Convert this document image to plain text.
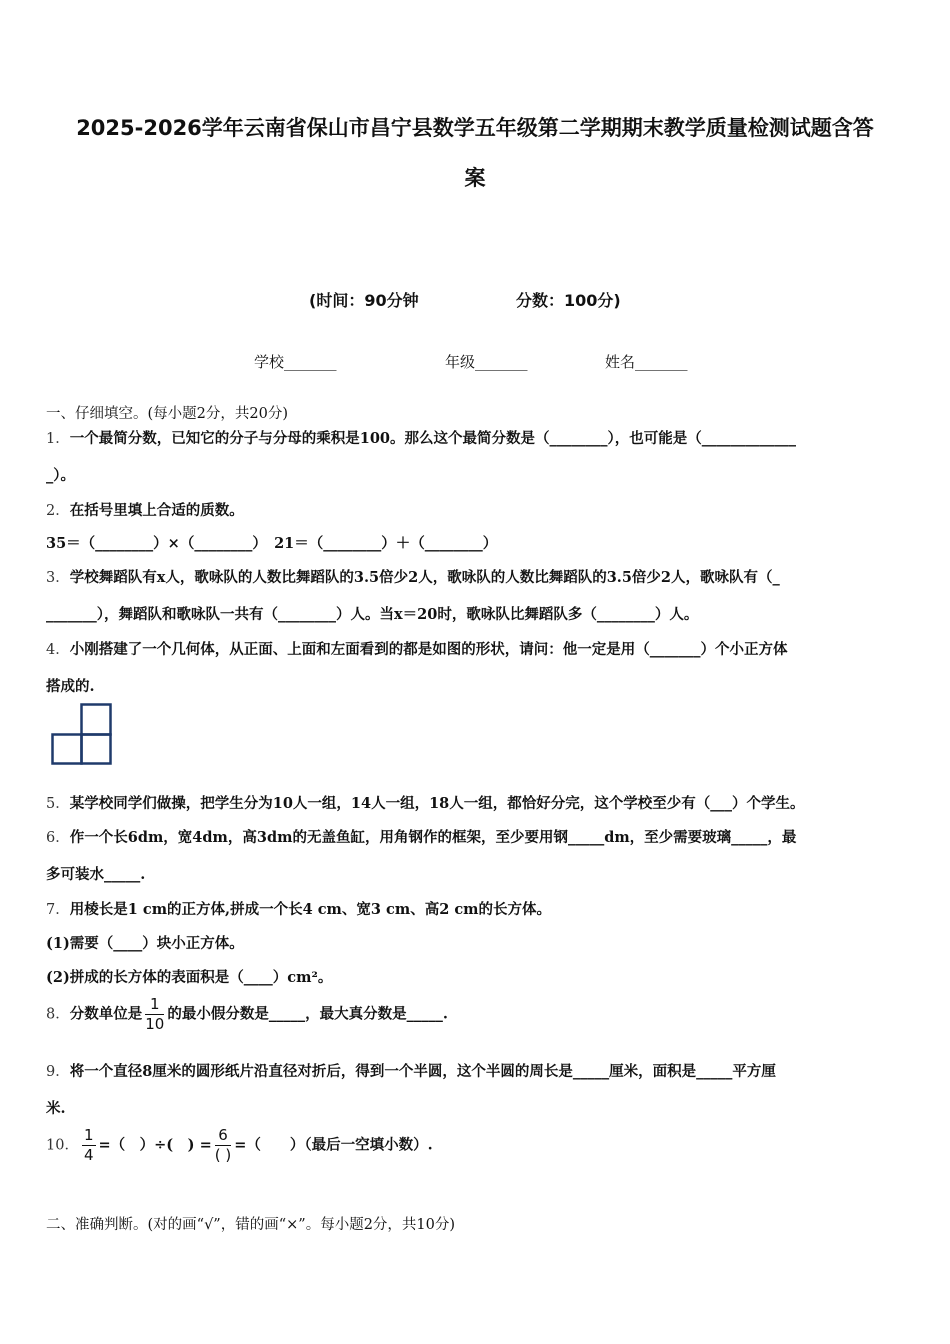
2025-2026学年云南省保山市昌宁县数学五年级第二学期期末教学质量检测试题含答
案
(时间：90分钟	分数：100分)
学校_______	年级_______	姓名_______
一、仔细填空。(每小题2分，共20分)
1．一个最简分数，已知它的分子与分母的乘积是100。那么这个最简分数是（________），也可能是（_____________
_）。
2．在括号里填上合适的质数。
35＝（________）×（________）　21＝（________）＋（________）
3．学校舞蹈队有x人，歌咏队的人数比舞蹈队的3.5倍少2人，歌咏队的人数比舞蹈队的3.5倍少2人，歌咏队有（_
_______），舞蹈队和歌咏队一共有（________）人。当x＝20时，歌咏队比舞蹈队多（________）人。
4．小刚搭建了一个几何体，从正面、上面和左面看到的都是如图的形状，请问：他一定是用（_______）个小正方体
搭成的.
5．某学校同学们做操，把学生分为10人一组，14人一组，18人一组，都恰好分完，这个学校至少有（___）个学生。
6．作一个长6dm，宽4dm，高3dm的无盖鱼缸，用角钢作的框架，至少要用钢_____dm，至少需要玻璃_____，最
多可装水_____.
7．用棱长是1 cm的正方体,拼成一个长4 cm、宽3 cm、高2 cm的长方体。
(1)需要（____）块小正方体。
(2)拼成的长方体的表面积是（____）cm²。
8．分数单位是 $\frac{1}{10}$ 的最小假分数是_____，最大真分数是_____.
9．将一个直径8厘米的圆形纸片沿直径对折后，得到一个半圆，这个半圆的周长是_____厘米，面积是_____平方厘
米.
10． $\frac{1}{4}$ =（　）÷(　) = $\frac{6}{( )}$ =（　　）（最后一空填小数）.
二、准确判断。(对的画“√”，错的画“×”。每小题2分，共10分)
